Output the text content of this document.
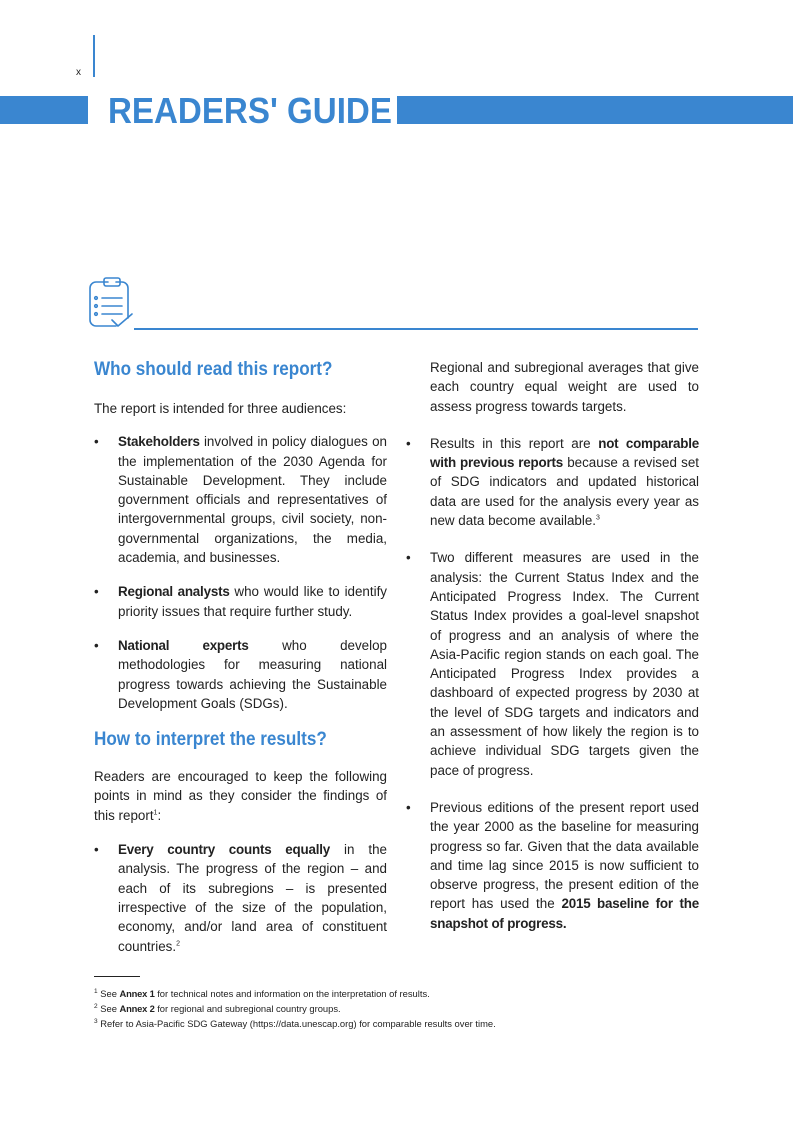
x
READERS' GUIDE
Who should read this report?

The report is intended for three audiences:

• Stakeholders involved in policy dialogues on the implementation of the 2030 Agenda for Sustainable Development. They include government officials and representatives of intergovernmental groups, civil society, non-governmental organizations, the media, academia, and businesses.
• Regional analysts who would like to identify priority issues that require further study.
• National experts who develop methodologies for measuring national progress towards achieving the Sustainable Development Goals (SDGs).
How to interpret the results?

Readers are encouraged to keep the following points in mind as they consider the findings of this report$^1$:

• Every country counts equally in the analysis. The progress of the region – and each of its subregions – is presented irrespective of the size of the population, economy, and/or land area of constituent countries.$^2$

Regional and subregional averages that give each country equal weight are used to assess progress towards targets.

• Results in this report are not comparable with previous reports because a revised set of SDG indicators and updated historical data are used for the analysis every year as new data become available.$^3$
• Two different measures are used in the analysis: the Current Status Index and the Anticipated Progress Index. The Current Status Index provides a goal-level snapshot of progress and an analysis of where the Asia-Pacific region stands on each goal. The Anticipated Progress Index provides a dashboard of expected progress by 2030 at the level of SDG targets and indicators and an assessment of how likely the region is to achieve individual SDG targets given the pace of progress.
• Previous editions of the present report used the year 2000 as the baseline for measuring progress so far. Given that the data available and time lag since 2015 is now sufficient to observe progress, the present edition of the report has used the 2015 baseline for the snapshot of progress.
$^1$ See Annex 1 for technical notes and information on the interpretation of results.
$^2$ See Annex 2 for regional and subregional country groups.
$^3$ Refer to Asia-Pacific SDG Gateway (https://data.unescap.org) for comparable results over time.
